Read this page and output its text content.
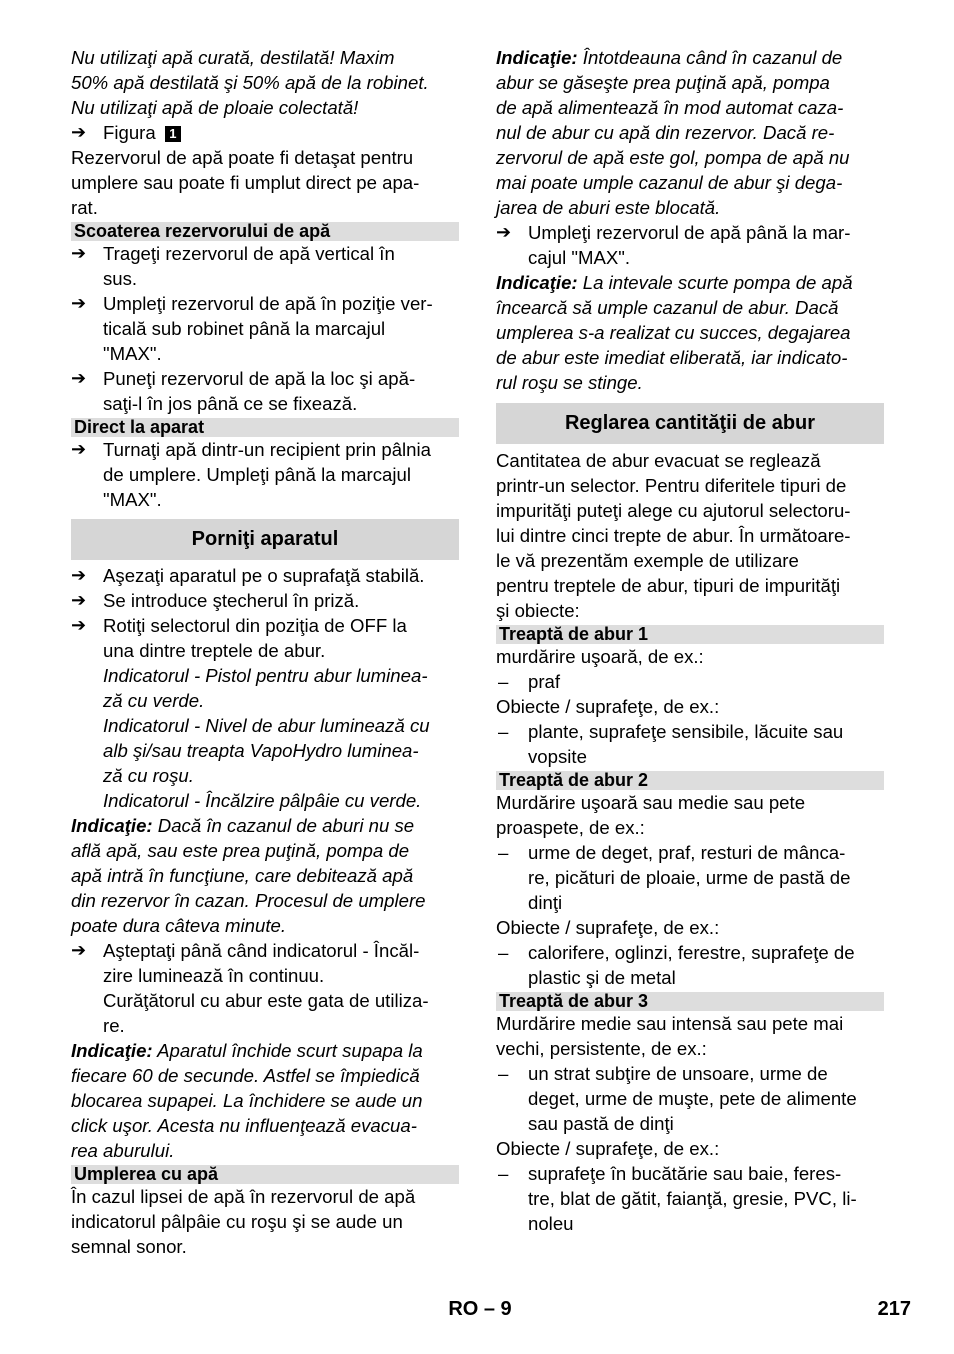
Nu utilizaţi apă curată, destilată! Maxim
50% apă destilată şi 50% apă de la robinet.
Nu utilizaţi apă de ploaie colectată!

➔ Figura 1

Rezervorul de apă poate fi detaşat pentru
umplere sau poate fi umplut direct pe apa-
rat.

Scoaterea rezervorului de apă
➔ Trageţi rezervorul de apă vertical în
sus.
➔ Umpleţi rezervorul de apă în poziţie ver-
ticală sub robinet până la marcajul
"MAX".
➔ Puneţi rezervorul de apă la loc şi apă-
saţi-l în jos până ce se fixează.
Direct la aparat
➔ Turnaţi apă dintr-un recipient prin pâlnia
de umplere. Umpleţi până la marcajul
"MAX".
Porniţi aparatul
➔ Aşezaţi aparatul pe o suprafaţă stabilă.
➔ Se introduce ştecherul în priză.
➔ Rotiţi selectorul din poziţia de OFF la
una dintre treptele de abur.

Indicatorul - Pistol pentru abur luminea-
ză cu verde.
Indicatorul - Nivel de abur luminează cu
alb şi/sau treapta VapoHydro luminea-
ză cu roşu.
Indicatorul - Încălzire pâlpâie cu verde.

Indicaţie: Dacă în cazanul de aburi nu se
află apă, sau este prea puţină, pompa de
apă intră în funcţiune, care debitează apă
din rezervor în cazan. Procesul de umplere
poate dura câteva minute.

➔ Aşteptaţi până când indicatorul - Încăl-
zire luminează în continuu.

Curăţătorul cu abur este gata de utiliza-
re.

Indicaţie: Aparatul închide scurt supapa la
fiecare 60 de secunde. Astfel se împiedică
blocarea supapei. La închidere se aude un
click uşor. Acesta nu influenţează evacua-
rea aburului.

Umplerea cu apă

În cazul lipsei de apă în rezervorul de apă
indicatorul pâlpâie cu roşu şi se aude un
semnal sonor.

Indicaţie: Întotdeauna când în cazanul de
abur se găseşte prea puţină apă, pompa
de apă alimentează în mod automat caza-
nul de abur cu apă din rezervor. Dacă re-
zervorul de apă este gol, pompa de apă nu
mai poate umple cazanul de abur şi dega-
jarea de aburi este blocată.

➔ Umpleţi rezervorul de apă până la mar-
cajul "MAX".

Indicaţie: La intevale scurte pompa de apă
încearcă să umple cazanul de abur. Dacă
umplerea s-a realizat cu succes, degajarea
de abur este imediat eliberată, iar indicato-
rul roşu se stinge.

Reglarea cantităţii de abur

Cantitatea de abur evacuat se reglează
printr-un selector. Pentru diferitele tipuri de
impurităţi puteţi alege cu ajutorul selectoru-
lui dintre cinci trepte de abur. În următoare-
le vă prezentăm exemple de utilizare
pentru treptele de abur, tipuri de impurităţi
şi obiecte:

Treaptă de abur 1

murdărire uşoară, de ex.:

– praf

Obiecte / suprafeţe, de ex.:

– plante, suprafeţe sensibile, lăcuite sau
vopsite
Treaptă de abur 2

Murdărire uşoară sau medie sau pete
proaspete, de ex.:

– urme de deget, praf, resturi de mânca-
re, picături de ploaie, urme de pastă de
dinţi

Obiecte / suprafeţe, de ex.:

– calorifere, oglinzi, ferestre, suprafeţe de
plastic şi de metal
Treaptă de abur 3

Murdărire medie sau intensă sau pete mai
vechi, persistente, de ex.:

– un strat subţire de unsoare, urme de
deget, urme de muşte, pete de alimente
sau pastă de dinţi

Obiecte / suprafeţe, de ex.:

– suprafeţe în bucătărie sau baie, feres-
tre, blat de gătit, faianţă, gresie, PVC, li-
noleu
RO – 9	217
